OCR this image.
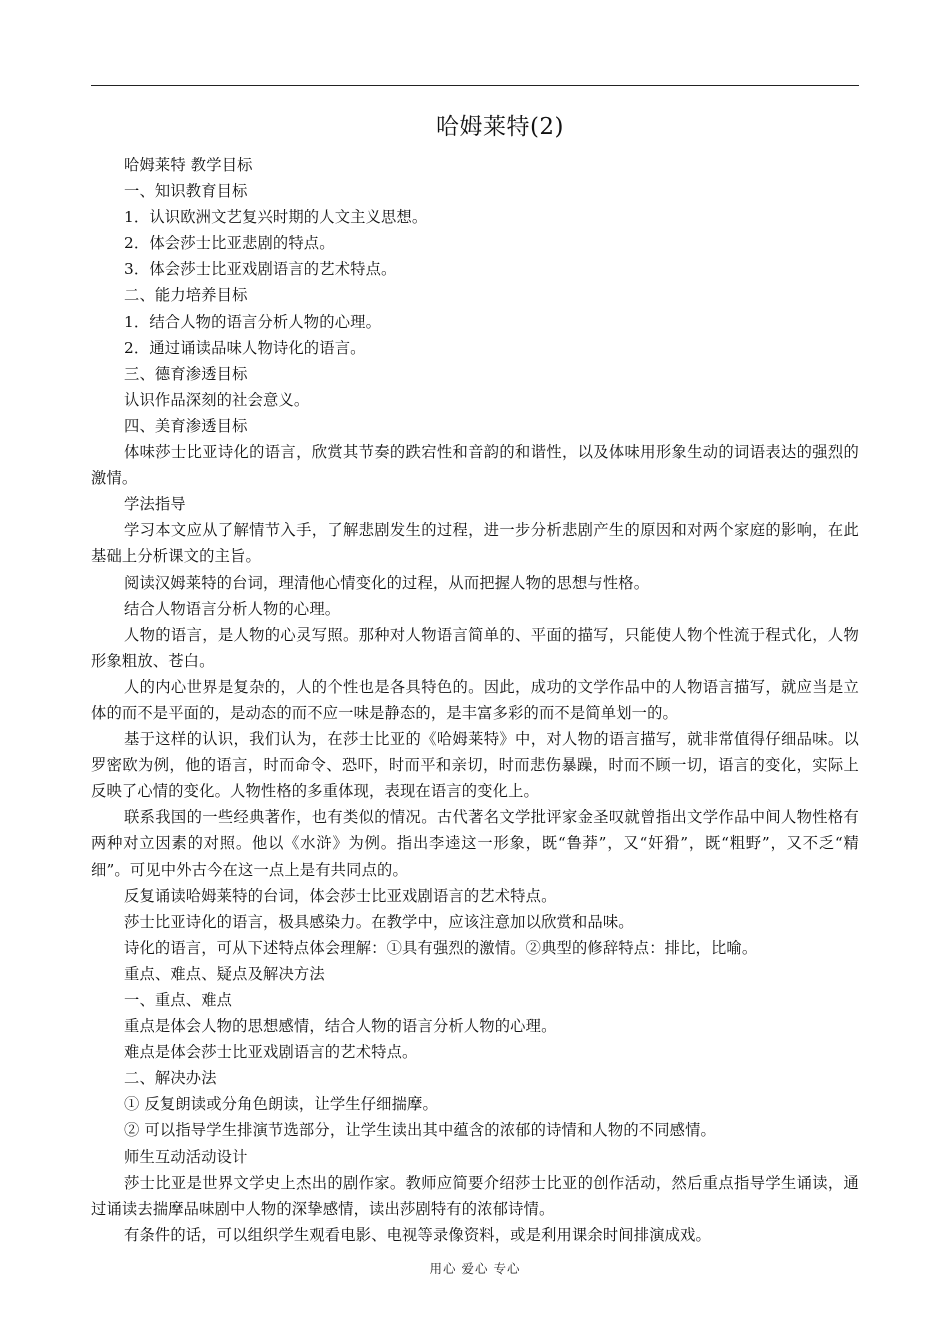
哈姆莱特(2)

哈姆莱特 教学目标

一、知识教育目标

1．认识欧洲文艺复兴时期的人文主义思想。

2．体会莎士比亚悲剧的特点。

3．体会莎士比亚戏剧语言的艺术特点。

二、能力培养目标

1．结合人物的语言分析人物的心理。

2．通过诵读品味人物诗化的语言。

三、德育渗透目标

认识作品深刻的社会意义。

四、美育渗透目标

体味莎士比亚诗化的语言，欣赏其节奏的跌宕性和音韵的和谐性，以及体味用形象生动的词语表达的强烈的激情。

学法指导

学习本文应从了解情节入手，了解悲剧发生的过程，进一步分析悲剧产生的原因和对两个家庭的影响，在此基础上分析课文的主旨。

阅读汉姆莱特的台词，理清他心情变化的过程，从而把握人物的思想与性格。

结合人物语言分析人物的心理。

人物的语言，是人物的心灵写照。那种对人物语言简单的、平面的描写，只能使人物个性流于程式化，人物形象粗放、苍白。

人的内心世界是复杂的，人的个性也是各具特色的。因此，成功的文学作品中的人物语言描写，就应当是立体的而不是平面的，是动态的而不应一味是静态的，是丰富多彩的而不是简单划一的。

基于这样的认识，我们认为，在莎士比亚的《哈姆莱特》中，对人物的语言描写，就非常值得仔细品味。以罗密欧为例，他的语言，时而命令、恐吓，时而平和亲切，时而悲伤暴躁，时而不顾一切，语言的变化，实际上反映了心情的变化。人物性格的多重体现，表现在语言的变化上。

联系我国的一些经典著作，也有类似的情况。古代著名文学批评家金圣叹就曾指出文学作品中间人物性格有两种对立因素的对照。他以《水浒》为例。指出李逵这一形象，既“鲁莽”，又“奸猾”，既“粗野”，又不乏“精细”。可见中外古今在这一点上是有共同点的。

反复诵读哈姆莱特的台词，体会莎士比亚戏剧语言的艺术特点。

莎士比亚诗化的语言，极具感染力。在教学中，应该注意加以欣赏和品味。

诗化的语言，可从下述特点体会理解：①具有强烈的激情。②典型的修辞特点：排比，比喻。

重点、难点、疑点及解决方法

一、重点、难点

重点是体会人物的思想感情，结合人物的语言分析人物的心理。

难点是体会莎士比亚戏剧语言的艺术特点。

二、解决办法

① 反复朗读或分角色朗读，让学生仔细揣摩。

② 可以指导学生排演节选部分，让学生读出其中蕴含的浓郁的诗情和人物的不同感情。

师生互动活动设计

莎士比亚是世界文学史上杰出的剧作家。教师应简要介绍莎士比亚的创作活动，然后重点指导学生诵读，通过诵读去揣摩品味剧中人物的深挚感情，读出莎剧特有的浓郁诗情。

有条件的话，可以组织学生观看电影、电视等录像资料，或是利用课余时间排演成戏。

用心 爱心 专心
